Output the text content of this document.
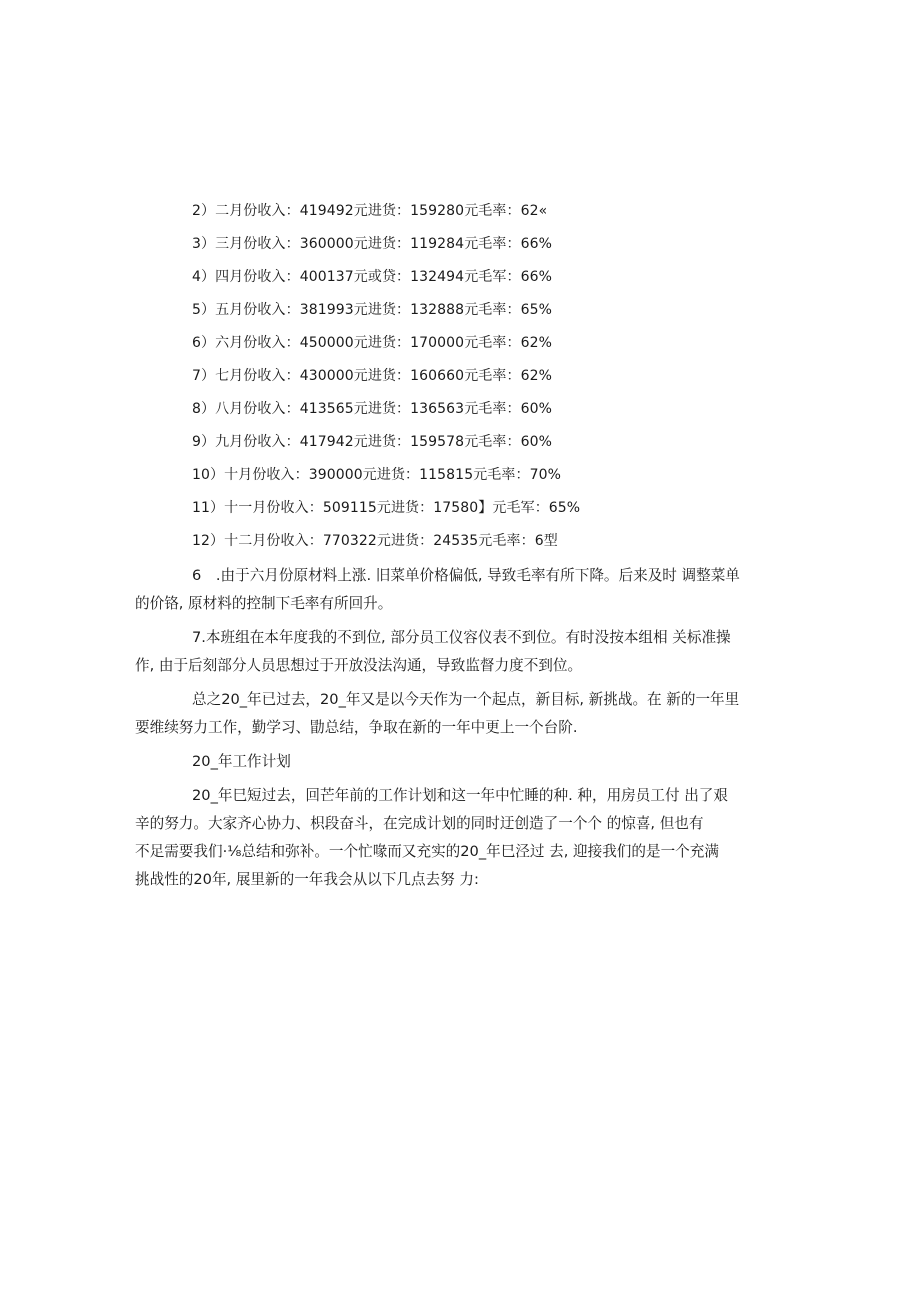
2）二月份收入：419492元进货：159280元毛率：62«
3）三月份收入：360000元进货：119284元毛率：66%
4）四月份收入：400137元或贷：132494元毛军：66%
5）五月份收入：381993元进货：132888元毛率：65%
6）六月份收入：450000元进货：170000元毛率：62%
7）七月份收入：430000元进货：160660元毛率：62%
8）八月份收入：413565元进货：136563元毛率：60%
9）九月份收入：417942元进货：159578元毛率：60%
10）十月份收入：390000元进货：115815元毛率：70%
11）十一月份收入：509115元进货：17580】元毛军：65%
12）十二月份收入：770322元进货：24535元毛率：6型

6　.由于六月份原材料上涨. 旧菜单价格偏低, 导致毛率有所下降。后来及时 调整菜单
的价铬, 原材料的控制下毛率有所回升。

7.本班组在本年度我的不到位, 部分员工仪容仪表不到位。有时没按本组相 关标准操
作, 由于后刻部分人员思想过于开放没法沟通，导致监督力度不到位。

总之20_年已过去，20_年又是以今天作为一个起点，新目标, 新挑战。在 新的一年里
要维续努力工作，勤学习、勖总结，争取在新的一年中更上一个台阶.

20_年工作计划

20_年巳短过去，回芒年前的工作计划和这一年中忙睡的种. 种，用房员工付 出了艰
辛的努力。大家齐心协力、枳段奋斗，在完成计划的同时迂创造了一个个 的惊喜, 但也有
不足需要我们·⅛总结和弥补。一个忙喙而又充实的20_年巳泾过 去, 迎接我们的是一个充满
挑战性的20年, 展里新的一年我会从以下几点去努 力:
